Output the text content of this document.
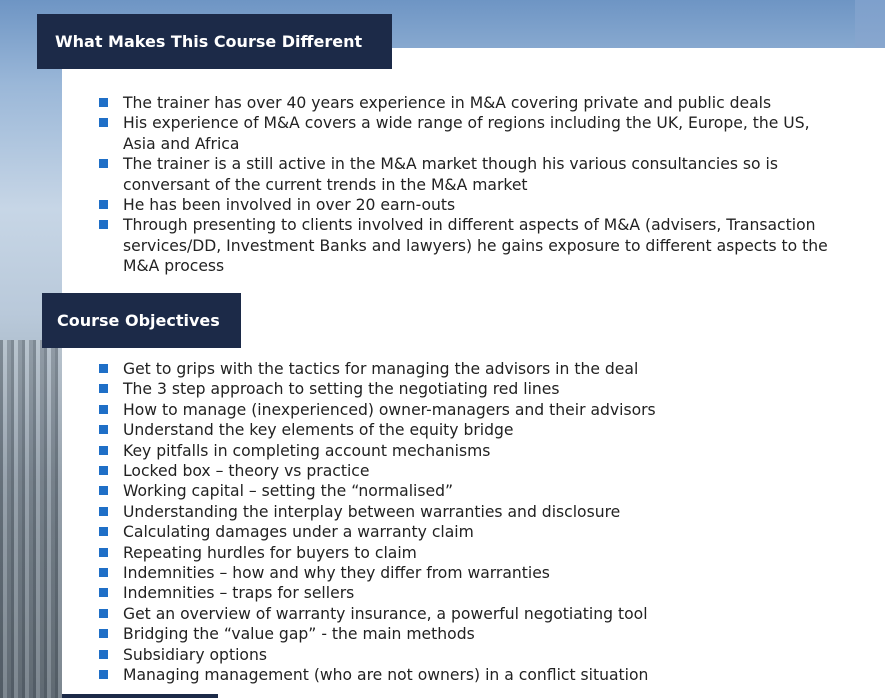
What Makes This Course Different
The trainer has over 40 years experience in M&A covering private and public deals
His experience of M&A covers a wide range of regions including the UK, Europe, the US, Asia and Africa
The trainer is a still active in the M&A market though his various consultancies so is conversant of the current trends in the M&A market
He has been involved in over 20 earn-outs
Through presenting to clients involved in different aspects of M&A (advisers, Transaction services/DD, Investment Banks and lawyers) he gains exposure to different aspects to the M&A process
Course Objectives
Get to grips with the tactics for managing the advisors in the deal
The 3 step approach to setting the negotiating red lines
How to manage (inexperienced) owner-managers and their advisors
Understand the key elements of the equity bridge
Key pitfalls in completing account mechanisms
Locked box – theory vs practice
Working capital – setting the “normalised”
Understanding the interplay between warranties and disclosure
Calculating damages under a warranty claim
Repeating hurdles for buyers to claim
Indemnities – how and why they differ from warranties
Indemnities – traps for sellers
Get an overview of warranty insurance, a powerful negotiating tool
Bridging the “value gap” - the main methods
Subsidiary options
Managing management (who are not owners) in a conflict situation
